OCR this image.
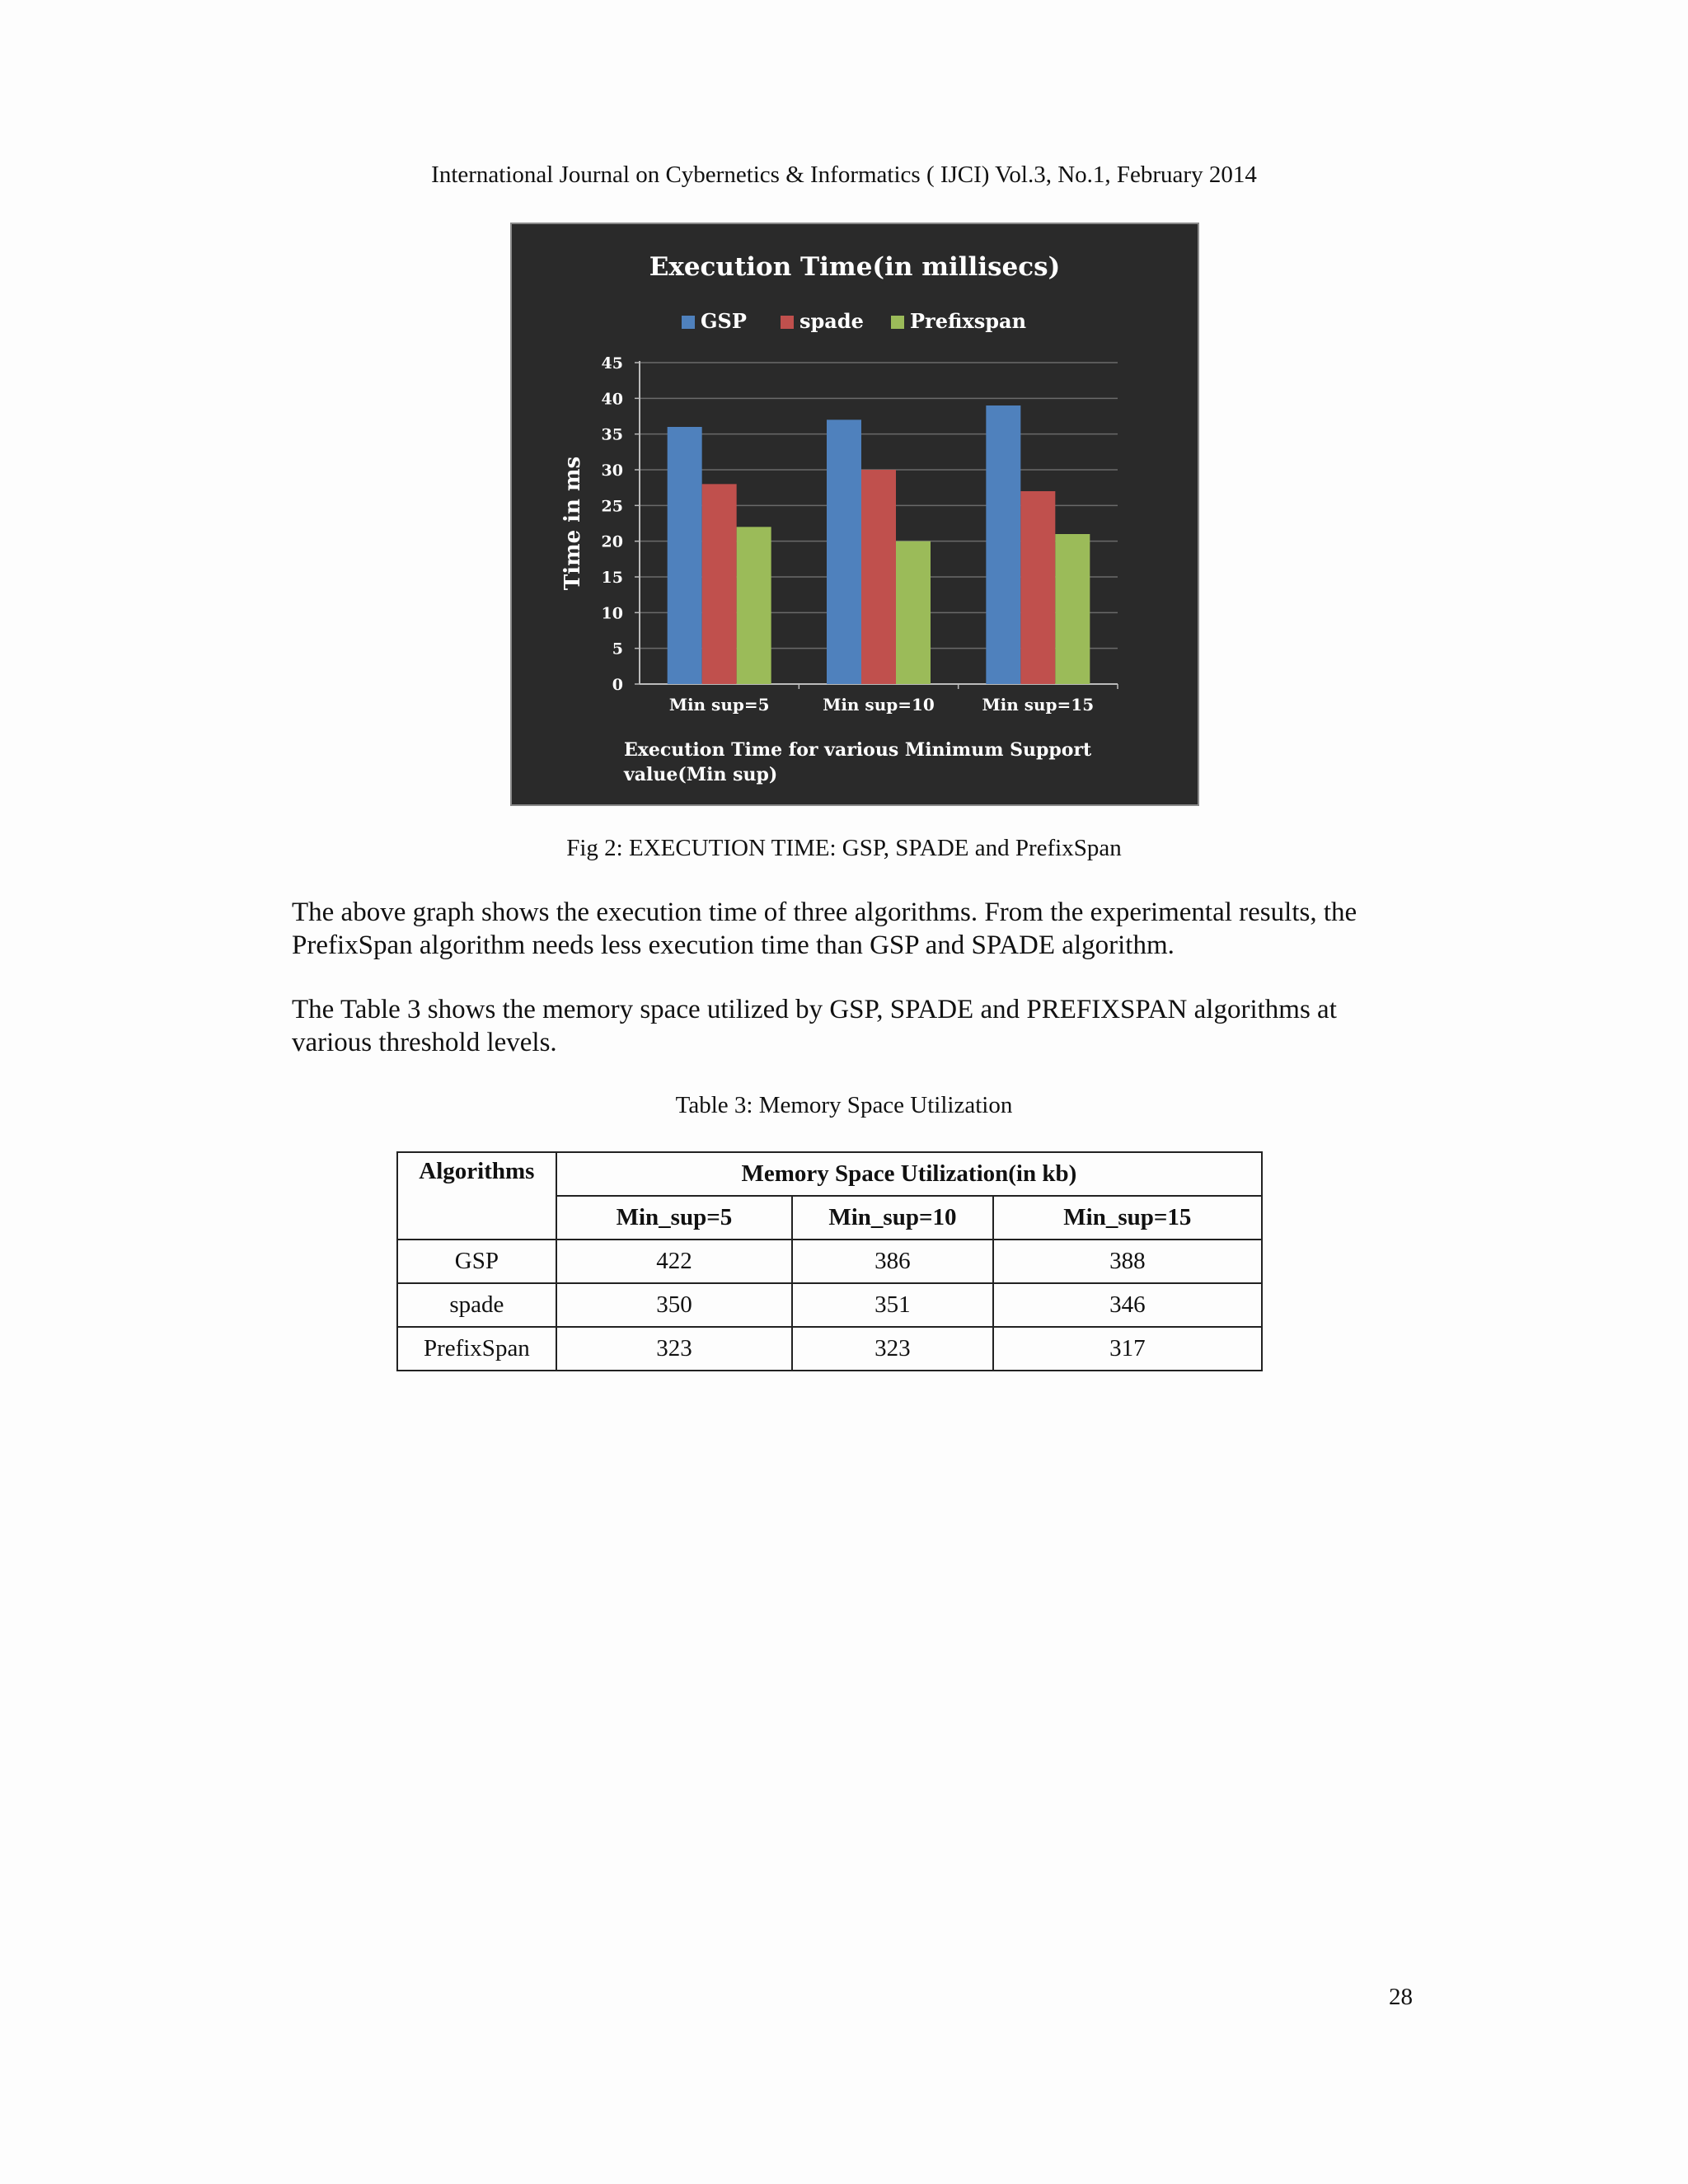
International Journal on Cybernetics & Informatics ( IJCI) Vol.3, No.1, February 2014
Execution Time(in millisecs)
GSP	spade Prefixspan
0
5
10
15
20
25
30
35
40
45
Min sup=5	Min sup=10	Min sup=15
Time in ms
Execution Time for various Minimum Support
value(Min sup)
Fig 2: EXECUTION TIME: GSP, SPADE and PrefixSpan

The above graph shows the execution time of three algorithms. From the experimental results, the PrefixSpan algorithm needs less execution time than GSP and SPADE algorithm.

The Table 3 shows the memory space utilized by GSP, SPADE and PREFIXSPAN algorithms at various threshold levels.

Table 3: Memory Space Utilization
Algorithms	Memory Space Utilization(in kb)		
	Min_sup=5	Min_sup=10	Min_sup=15
GSP	422	386	388
spade	350	351	346
PrefixSpan	323	323	317
28
